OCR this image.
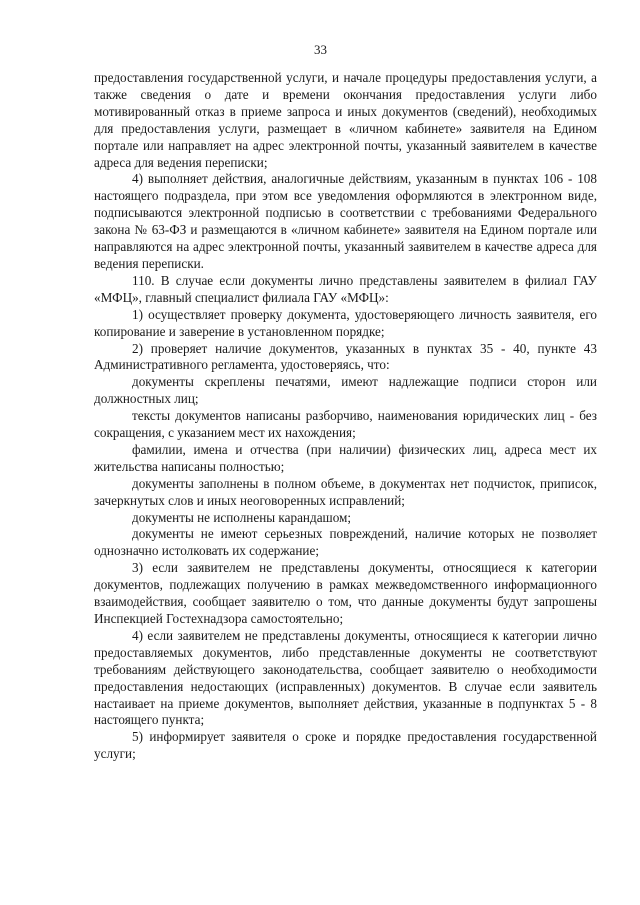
33

предоставления государственной услуги, и начале процедуры предоставления услуги, а также сведения о дате и времени окончания предоставления услуги либо мотивированный отказ в приеме запроса и иных документов (сведений), необходимых для предоставления услуги, размещает в «личном кабинете» заявителя на Едином портале или направляет на адрес электронной почты, указанный заявителем в качестве адреса для ведения переписки;

4) выполняет действия, аналогичные действиям, указанным в пунктах 106 - 108 настоящего подраздела, при этом все уведомления оформляются в электронном виде, подписываются электронной подписью в соответствии с требованиями Федерального закона № 63-ФЗ и размещаются в «личном кабинете» заявителя на Едином портале или направляются на адрес электронной почты, указанный заявителем в качестве адреса для ведения переписки.

110. В случае если документы лично представлены заявителем в филиал ГАУ «МФЦ», главный специалист филиала ГАУ «МФЦ»:

1) осуществляет проверку документа, удостоверяющего личность заявителя, его копирование и заверение в установленном порядке;

2) проверяет наличие документов, указанных в пунктах 35 - 40, пункте 43 Административного регламента, удостоверяясь, что:

документы скреплены печатями, имеют надлежащие подписи сторон или должностных лиц;

тексты документов написаны разборчиво, наименования юридических лиц - без сокращения, с указанием мест их нахождения;

фамилии, имена и отчества (при наличии) физических лиц, адреса мест их жительства написаны полностью;

документы заполнены в полном объеме, в документах нет подчисток, приписок, зачеркнутых слов и иных неоговоренных исправлений;

документы не исполнены карандашом;

документы не имеют серьезных повреждений, наличие которых не позволяет однозначно истолковать их содержание;

3) если заявителем не представлены документы, относящиеся к категории документов, подлежащих получению в рамках межведомственного информационного взаимодействия, сообщает заявителю о том, что данные документы будут запрошены Инспекцией Гостехнадзора самостоятельно;

4) если заявителем не представлены документы, относящиеся к категории лично предоставляемых документов, либо представленные документы не соответствуют требованиям действующего законодательства, сообщает заявителю о необходимости предоставления недостающих (исправленных) документов. В случае если заявитель настаивает на приеме документов, выполняет действия, указанные в подпунктах 5 - 8 настоящего пункта;

5) информирует заявителя о сроке и порядке предоставления государственной услуги;
